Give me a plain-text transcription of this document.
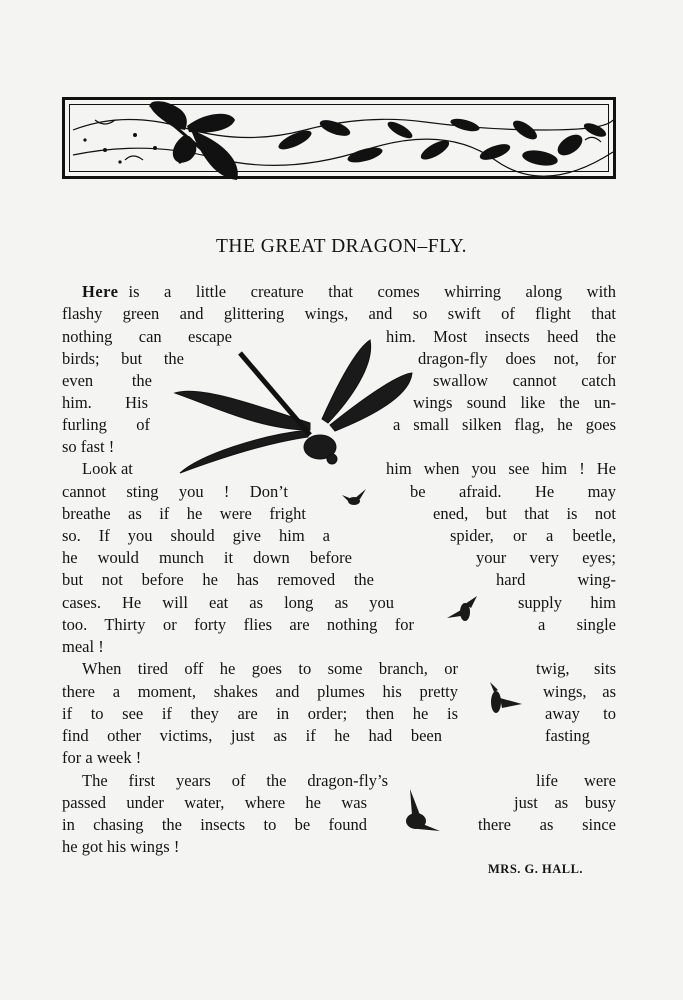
THE GREAT DRAGON–FLY.
Here is a little creature that comes whirring along with
flashy green and glittering wings, and so swift of flight that
nothing can escape	him. Most insects heed the
birds; but the	dragon-fly does not, for
even the	swallow cannot catch
him. His	wings sound like the un-
furling of	a small silken flag, he goes
so fast !
Look at	him when you see him ! He
cannot sting you ! Don’t	be afraid. He may
breathe as if he were fright	ened, but that is not
so. If you should give him a	spider, or a beetle,
he would munch it down before	your very eyes;
but not before he has removed the	hard wing-
cases. He will eat as long as you	supply him
too. Thirty or forty flies are nothing for	a single
meal !
When tired off he goes to some branch, or	twig, sits
there a moment, shakes and plumes his pretty	wings, as
if to see if they are in order; then he is	away to
find other victims, just as if he had been	fasting
for a week !
The first years of the dragon-fly’s	life were
passed under water, where he was	just as busy
in chasing the insects to be found	there as since
he got his wings !
MRS. G. HALL.
